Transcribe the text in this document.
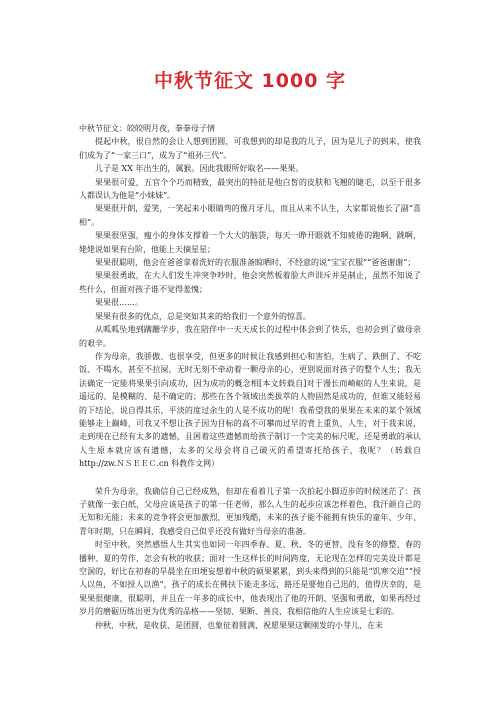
中秋节征文 1000 字

中秋节征文：皎皎明月夜，拳拳母子情

提起中秋，很自然的会让人想到团圆，可我想到的却是我的儿子，因为是儿子的到来，使我们成为了“一家三口”，成为了“祖孙三代”。

儿子是 XX 年出生的，属猴。因此我眼所好取名——果果。

果果很可爱，五官个个巧而精致，最突出的特征是他白皙的皮肤和飞翘的睫毛，以至于很多人都误认为他是“小妹妹”。

果果很开朗，爱笑，一笑起来小眼睛弯的像月牙儿，而且从来不认生，大家都说他长了副“喜相”。

果果很坚强，瘦小的身体支撑着一个大大的脑袋，每天一睁开眼就不知疲倦的跑啊、跳啊，姥姥说如果有台阶，他能上天摘星星；

果果很聪明，他会在爸爸拿着洗好的衣服准备晾晒时，不经意的说“宝宝衣服”“爸爸谢谢”；

果果很勇敢，在大人们发生冲突争吵时，他会突然板着脸大声训斥并是制止，虽然不知说了些什么，但面对孩子谁不觉得羞愧；

果果很……。

果果有很多的优点，总是突如其来的给我们一个意外的惊喜。

从呱呱坠地到蹒跚学步，我在陪伴中一天天成长的过程中体会到了快乐，也初会到了做母亲的艰辛。

作为母亲，我骄傲、也很享受，但更多的时候让我感到担心和害怕，生病了、跌倒了、不吃饭、不喝水，甚至不拉屎，无时无刻不牵动着一颗母亲的心，更别说面对孩子的整个人生；我无法确定一定能将果果引向成功，因为成功的概念相[本文转载自]对于漫长而崎岖的人生来说，是遥远的、是模糊的、是不确定的；那些在各个领域出类拔萃的人物固然是成功的，但谁又能轻易的下结论，说自得其乐，平淡的度过余生的人是不成功的呢！我希望我的果果在未来的某个领域能够走上巅峰，可我又不想让孩子因为目标的高不可攀而过早的背上重负，人生，对于我来说，走到现在已经有太多的遗憾，且困着这些遗憾而给孩子制订一个完美的标尺呢，还是勇敢的承认人生原本就应该有遗憾，太多的父母会将自己破灭的希望寄托给孩子，我呢？（转载自 http://zw.ＮＳＥＥＣ.cn 科教作文网）

荣升为母亲，我确信自己已经成熟，但却在看着儿子第一次拍起小脚迈步的时候迷茫了：孩子就像一张白纸，父母应该是孩子的第一任老师，那么人生的起步应该怎样着色，我汗颜自己的无知和无能；未来的竞争将会更加激烈，更加残酷，未来的孩子能不能拥有快乐的童年、少年、青年时期，只在瞬间，我感受自己似乎还没有做好当母亲的准备。

时至中秋，突然感悟人生其实也如同一年四季春、夏、秋、冬的更替，没有冬的修整、春的播种、夏的劳作，怎会有秋的收获；面对一生这样长的时间跨度，无论现在怎样的完美设计都是空洞的，好比在初春的旱晨坐在田埂妄想着中秋的硕果累累，到头来得到的只能是“饥寒交迫”“授人以鱼，不如授人以渔”，孩子的成长在佛扶下能走多远，路还是要他自己迅的，值得庆幸的，是果果很健康，很聪明，并且在一年多的成长中，他表现出了他的开朗、坚强和勇敢，如果再经过岁月的磨砺历练出更为优秀的品格——坚韧、果断、善良，我相信他的人生应该是七彩的。

仲秋，中秋，是收获、是团圆，也象征着圆满，祝愿果果这颗刚发的小芽儿，在未
